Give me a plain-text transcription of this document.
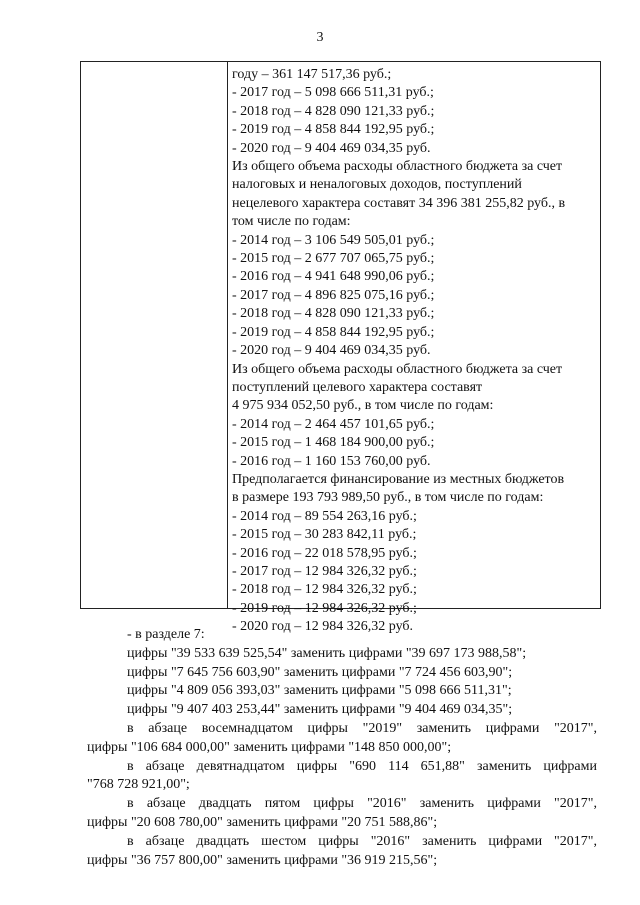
3
году – 361 147 517,36 руб.;
- 2017 год – 5 098 666 511,31 руб.;
- 2018 год – 4 828 090 121,33 руб.;
- 2019 год – 4 858 844 192,95 руб.;
- 2020 год – 9 404 469 034,35 руб.
Из общего объема расходы областного бюджета за счет
налоговых и неналоговых доходов, поступлений
нецелевого характера составят 34 396 381 255,82 руб., в
том числе по годам:
- 2014 год – 3 106 549 505,01 руб.;
- 2015 год – 2 677 707 065,75 руб.;
- 2016 год – 4 941 648 990,06 руб.;
- 2017 год – 4 896 825 075,16 руб.;
- 2018 год – 4 828 090 121,33 руб.;
- 2019 год – 4 858 844 192,95 руб.;
- 2020 год – 9 404 469 034,35 руб.
Из общего объема расходы областного бюджета за счет
поступлений целевого характера составят
4 975 934 052,50 руб., в том числе по годам:
- 2014 год – 2 464 457 101,65 руб.;
- 2015 год – 1 468 184 900,00 руб.;
- 2016 год – 1 160 153 760,00 руб.
Предполагается финансирование из местных бюджетов
в размере 193 793 989,50 руб., в том числе по годам:
- 2014 год – 89 554 263,16 руб.;
- 2015 год – 30 283 842,11 руб.;
- 2016 год – 22 018 578,95 руб.;
- 2017 год – 12 984 326,32 руб.;
- 2018 год – 12 984 326,32 руб.;
- 2019 год – 12 984 326,32 руб.;
- 2020 год – 12 984 326,32 руб.
- в разделе 7:
цифры "39 533 639 525,54" заменить цифрами "39 697 173 988,58";
цифры "7 645 756 603,90" заменить цифрами "7 724 456 603,90";
цифры "4 809 056 393,03" заменить цифрами "5 098 666 511,31";
цифры "9 407 403 253,44" заменить цифрами "9 404 469 034,35";
в абзаце восемнадцатом цифры "2019" заменить цифрами "2017",
цифры "106 684 000,00" заменить цифрами "148 850 000,00";
в абзаце девятнадцатом цифры "690 114 651,88" заменить цифрами
"768 728 921,00";
в абзаце двадцать пятом цифры "2016" заменить цифрами "2017",
цифры "20 608 780,00" заменить цифрами "20 751 588,86";
в абзаце двадцать шестом цифры "2016" заменить цифрами "2017",
цифры "36 757 800,00" заменить цифрами "36 919 215,56";
